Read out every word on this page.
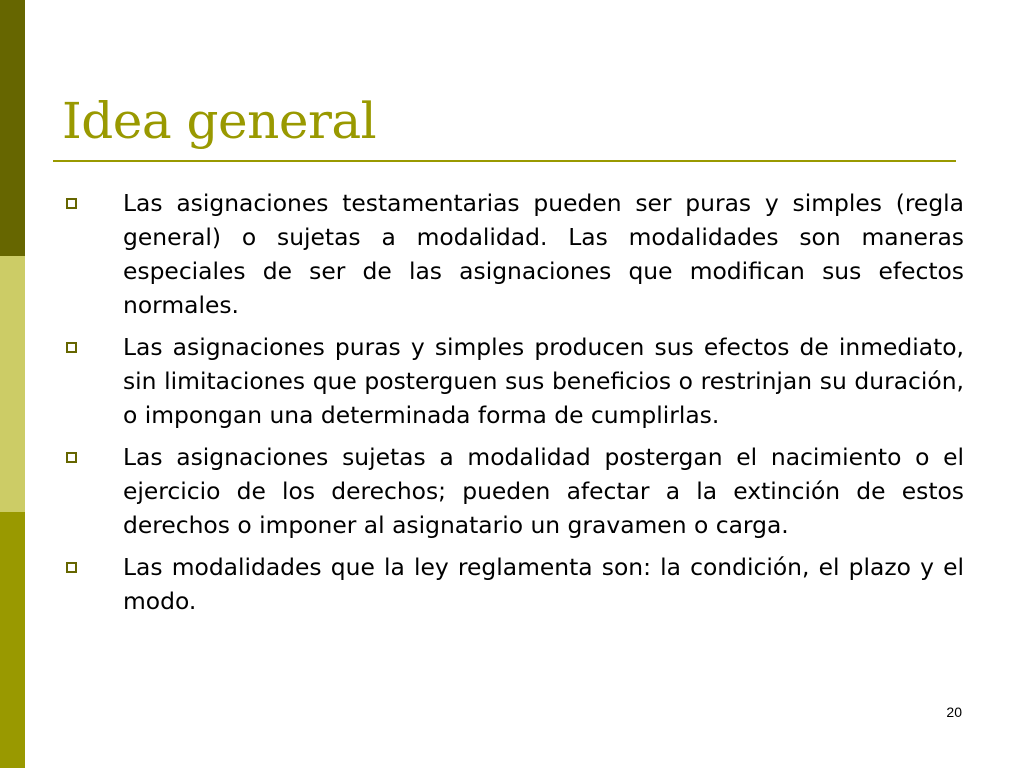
Idea general
Las asignaciones testamentarias pueden ser puras y simples (regla general) o sujetas a modalidad. Las modalidades son maneras especiales de ser de las asignaciones que modifican sus efectos normales.
Las asignaciones puras y simples producen sus efectos de inmediato, sin limitaciones que posterguen sus beneficios o restrinjan su duración, o impongan una determinada forma de cumplirlas.
Las asignaciones sujetas a modalidad postergan el nacimiento o el ejercicio de los derechos; pueden afectar a la extinción de estos derechos o imponer al asignatario un gravamen o carga.
Las modalidades que la ley reglamenta son: la condición, el plazo y el modo.
20
